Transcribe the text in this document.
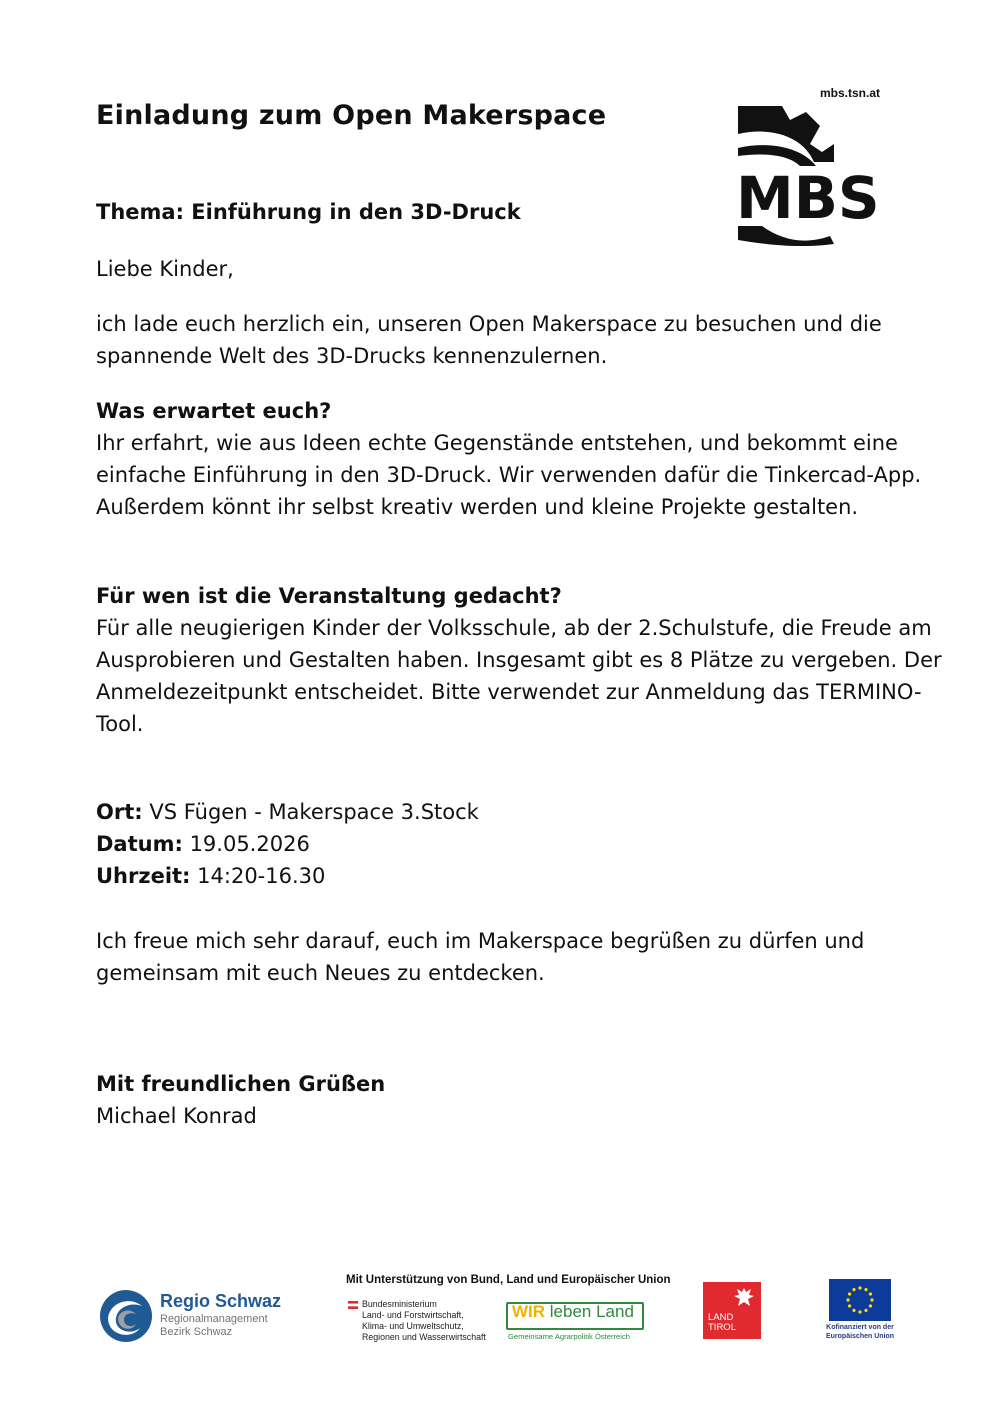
Einladung zum Open Makerspace
mbs.tsn.at
MBS
Thema: Einführung in den 3D-Druck
Liebe Kinder,
ich lade euch herzlich ein, unseren Open Makerspace zu besuchen und die spannende Welt des 3D-Drucks kennenzulernen.
Was erwartet euch?
Ihr erfahrt, wie aus Ideen echte Gegenstände entstehen, und bekommt eine einfache Einführung in den 3D-Druck. Wir verwenden dafür die Tinkercad-App. Außerdem könnt ihr selbst kreativ werden und kleine Projekte gestalten.
Für wen ist die Veranstaltung gedacht?
Für alle neugierigen Kinder der Volksschule, ab der 2.Schulstufe, die Freude am Ausprobieren und Gestalten haben. Insgesamt gibt es 8 Plätze zu vergeben. Der Anmeldezeitpunkt entscheidet. Bitte verwendet zur Anmeldung das TERMINO-Tool.
Ort: VS Fügen - Makerspace 3.Stock
Datum: 19.05.2026
Uhrzeit: 14:20-16.30
Ich freue mich sehr darauf, euch im Makerspace begrüßen zu dürfen und gemeinsam mit euch Neues zu entdecken.
Mit freundlichen Grüßen
Michael Konrad
Mit Unterstützung von Bund, Land und Europäischer Union
Regio Schwaz
Regionalmanagement
Bezirk Schwaz
Bundesministerium
Land- und Forstwirtschaft,
Klima- und Umweltschutz,
Regionen und Wasserwirtschaft
WIR leben Land
Gemeinsame Agrarpolitik Österreich
LAND
TIROL	Kofinanziert von der
Europäischen Union
